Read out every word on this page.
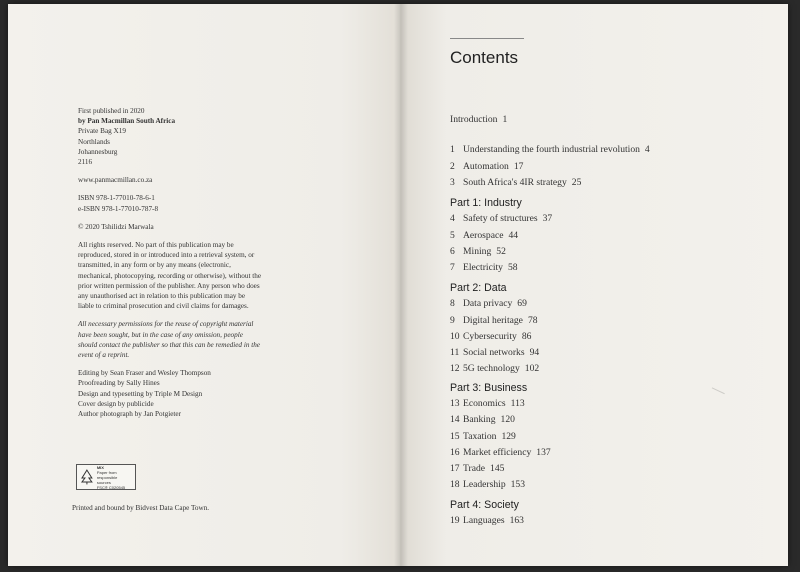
First published in 2020
by Pan Macmillan South Africa
Private Bag X19
Northlands
Johannesburg
2116
www.panmacmillan.co.za
ISBN 978-1-77010-78-6-1
e-ISBN 978-1-77010-787-8
© 2020 Tshilidzi Marwala

All rights reserved. No part of this publication may be reproduced, stored in or introduced into a retrieval system, or transmitted, in any form or by any means (electronic, mechanical, photocopying, recording or otherwise), without the prior written permission of the publisher. Any person who does any unauthorised act in relation to this publication may be liable to criminal prosecution and civil claims for damages.

All necessary permissions for the reuse of copyright material have been sought, but in the case of any omission, people should contact the publisher so that this can be remedied in the event of a reprint.

Editing by Sean Fraser and Wesley Thompson
Proofreading by Sally Hines
Design and typesetting by Triple M Design
Cover design by publicide
Author photograph by Jan Potgieter
MIX
Paper from
responsible sources
FSC® C020545
Printed and bound by Bidvest Data Cape Town.
Contents
Introduction 1
1 Understanding the fourth industrial revolution 4
2 Automation 17
3 South Africa's 4IR strategy 25
Part 1: Industry
4 Safety of structures 37
5 Aerospace 44
6 Mining 52
7 Electricity 58
Part 2: Data
8 Data privacy 69
9 Digital heritage 78
10 Cybersecurity 86
11 Social networks 94
12 5G technology 102
Part 3: Business
13 Economics 113
14 Banking 120
15 Taxation 129
16 Market efficiency 137
17 Trade 145
18 Leadership 153
Part 4: Society
19 Languages 163
